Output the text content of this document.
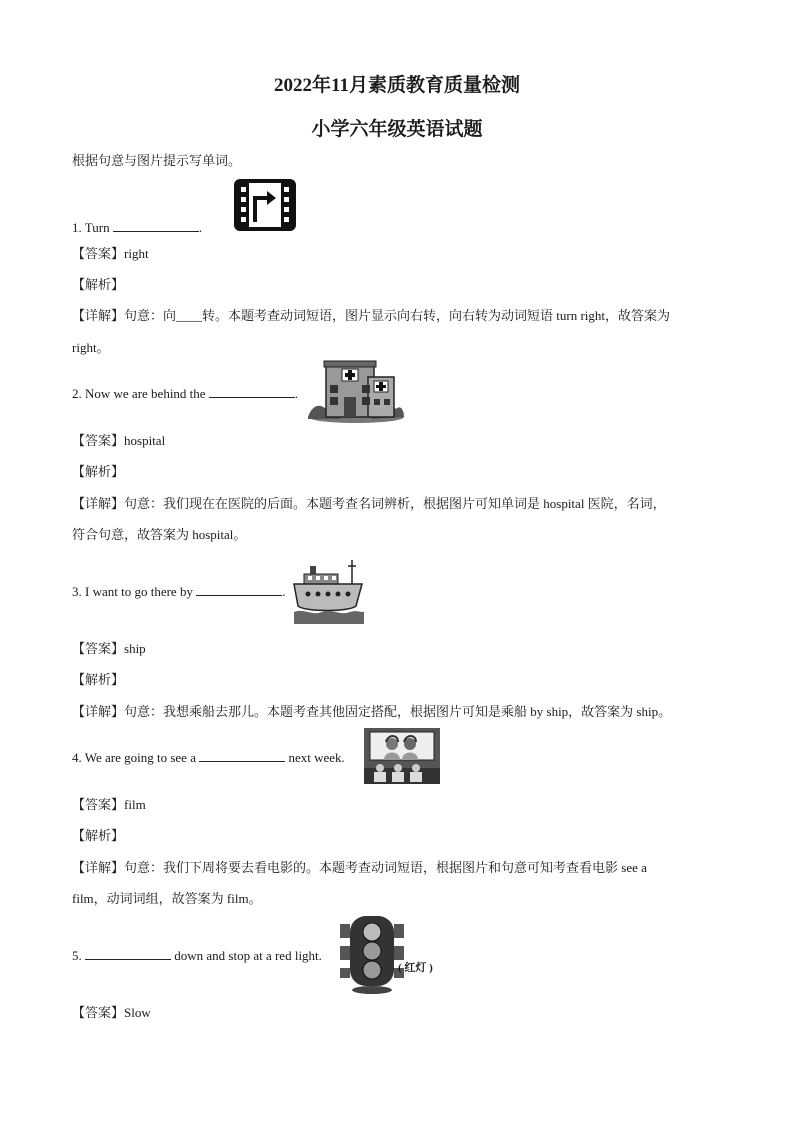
2022年11月素质教育质量检测
小学六年级英语试题
根据句意与图片提示写单词。
1. Turn	.
【答案】right
【解析】
【详解】句意：向____转。本题考查动词短语，图片显示向右转，向右转为动词短语 turn right，故答案为
right。
2. Now we are behind the	.
【答案】hospital
【解析】
【详解】句意：我们现在在医院的后面。本题考查名词辨析，根据图片可知单词是 hospital 医院，名词，
符合句意，故答案为 hospital。
3. I want to go there by	.
【答案】ship
【解析】
【详解】句意：我想乘船去那儿。本题考查其他固定搭配，根据图片可知是乘船 by ship，故答案为 ship。
4. We are going to see a	next week.
【答案】film
【解析】
【详解】句意：我们下周将要去看电影的。本题考查动词短语，根据图片和句意可知考查看电影 see a
film，动词词组，故答案为 film。
5.	down and stop at a red light.
( 红灯 )
【答案】Slow
